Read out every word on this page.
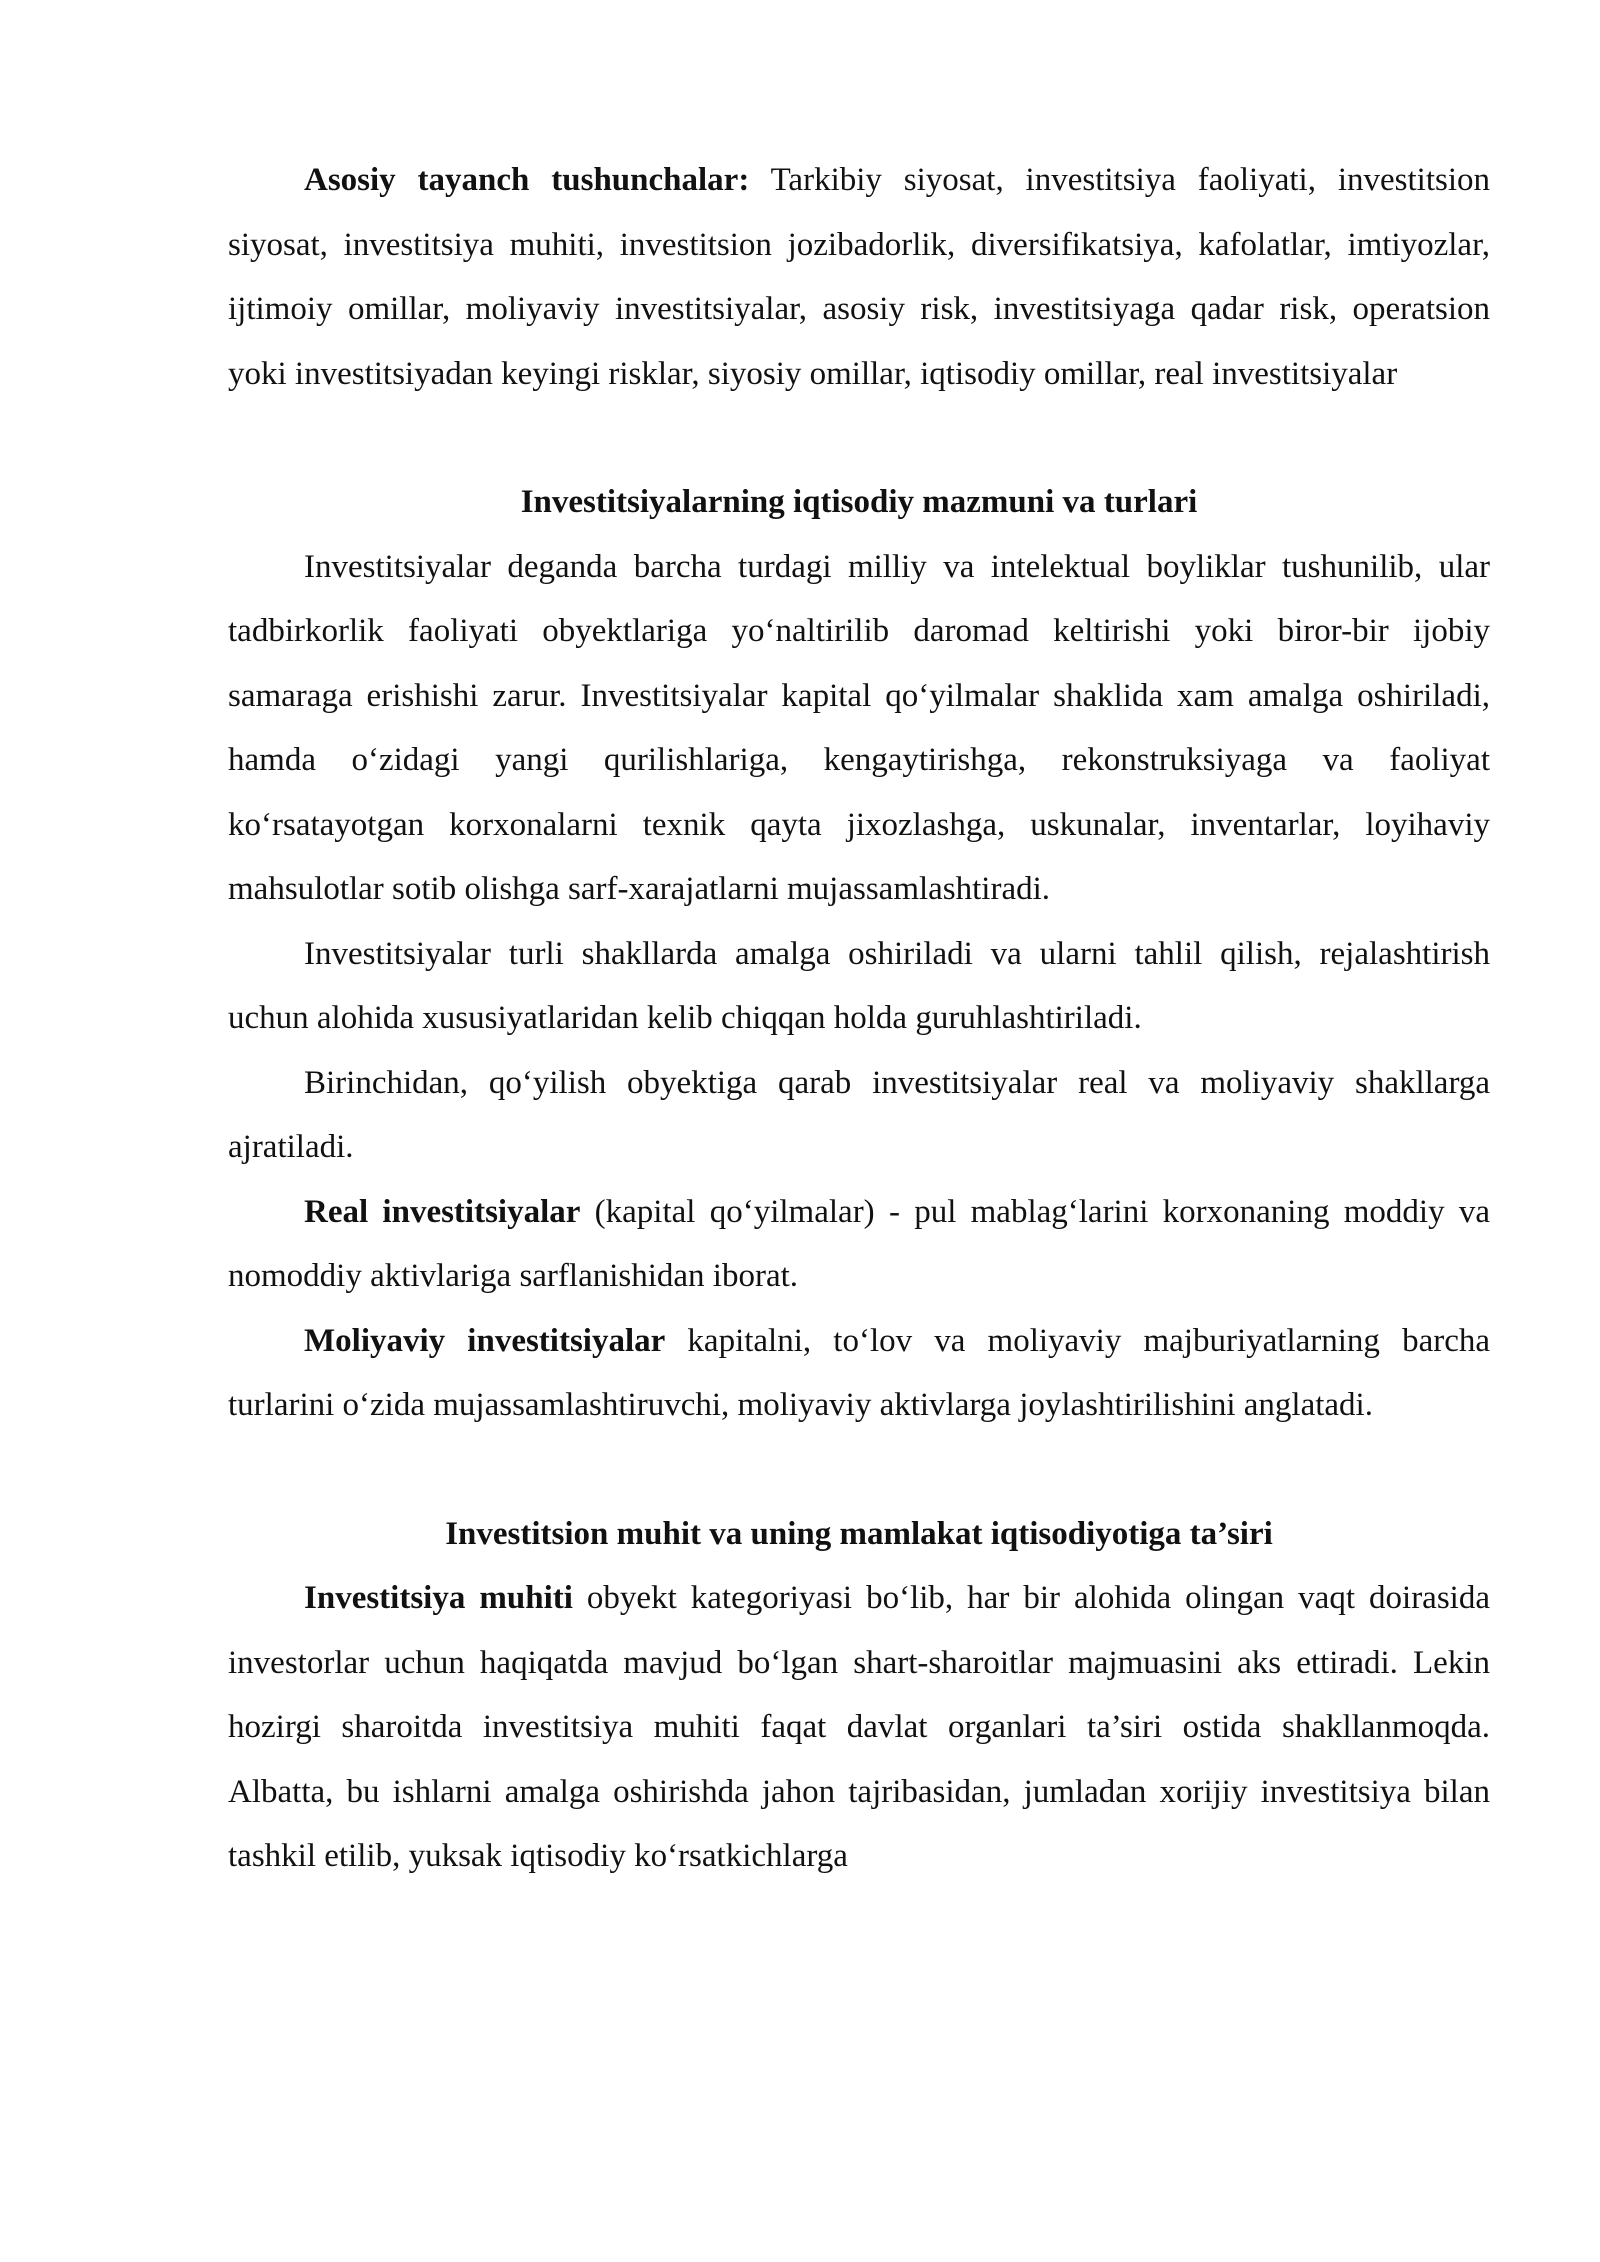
Asosiy tayanch tushunchalar: Tarkibiy siyosat, investitsiya faoliyati, investitsion siyosat, investitsiya muhiti, investitsion jozibadorlik, diversifikatsiya, kafolatlar, imtiyozlar, ijtimoiy omillar, moliyaviy investitsiyalar, asosiy risk, investitsiyaga qadar risk, operatsion yoki investitsiyadan keyingi risklar, siyosiy omillar, iqtisodiy omillar, real investitsiyalar

Investitsiyalarning iqtisodiy mazmuni va turlari

Investitsiyalar deganda barcha turdagi milliy va intelektual boyliklar tushunilib, ular tadbirkorlik faoliyati obyektlariga yo‘naltirilib daromad keltirishi yoki biror-bir ijobiy samaraga erishishi zarur. Investitsiyalar kapital qo‘yilmalar shaklida xam amalga oshiriladi, hamda o‘zidagi yangi qurilishlariga, kengaytirishga, rekonstruksiyaga va faoliyat ko‘rsatayotgan korxonalarni texnik qayta jixozlashga, uskunalar, inventarlar, loyihaviy mahsulotlar sotib olishga sarf-xarajatlarni mujassamlashtiradi.

Investitsiyalar turli shakllarda amalga oshiriladi va ularni tahlil qilish, rejalashtirish uchun alohida xususiyatlaridan kelib chiqqan holda guruhlashtiriladi.

Birinchidan, qo‘yilish obyektiga qarab investitsiyalar real va moliyaviy shakllarga ajratiladi.

Real investitsiyalar (kapital qo‘yilmalar) - pul mablag‘larini korxonaning moddiy va nomoddiy aktivlariga sarflanishidan iborat.

Moliyaviy investitsiyalar kapitalni, to‘lov va moliyaviy majburiyatlarning barcha turlarini o‘zida mujassamlashtiruvchi, moliyaviy aktivlarga joylashtirilishini anglatadi.

Investitsion muhit va uning mamlakat iqtisodiyotiga ta’siri

Investitsiya muhiti obyekt kategoriyasi bo‘lib, har bir alohida olingan vaqt doirasida investorlar uchun haqiqatda mavjud bo‘lgan shart-sharoitlar majmuasini aks ettiradi. Lekin hozirgi sharoitda investitsiya muhiti faqat davlat organlari ta’siri ostida shakllanmoqda. Albatta, bu ishlarni amalga oshirishda jahon tajribasidan, jumladan xorijiy investitsiya bilan tashkil etilib, yuksak iqtisodiy ko‘rsatkichlarga
